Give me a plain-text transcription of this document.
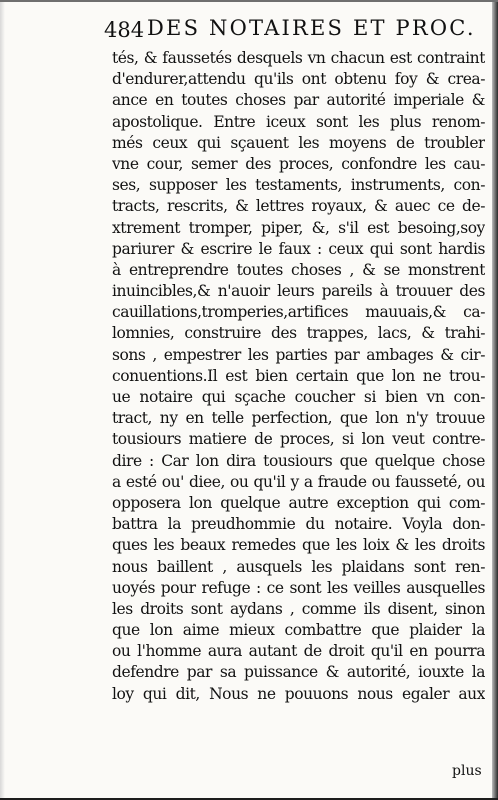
484 DES NOTAIRES ET PROC.
tés, & faussetés desquels vn chacun est contraint
d'endurer,attendu qu'ils ont obtenu foy & crea-
ance en toutes choses par autorité imperiale &
apostolique. Entre iceux sont les plus renom-
més ceux qui sçauent les moyens de troubler
vne cour, semer des proces, confondre les cau-
ses, supposer les testaments, instruments, con-
tracts, rescrits, & lettres royaux, & auec ce de-
xtrement tromper, piper, &, s'il est besoing,soy
pariurer & escrire le faux : ceux qui sont hardis
à entreprendre toutes choses , & se monstrent
inuincibles,& n'auoir leurs pareils à trouuer des
cauillations,tromperies,artifices mauuais,& ca-
lomnies, construire des trappes, lacs, & trahi-
sons , empestrer les parties par ambages & cir-
conuentions.Il est bien certain que lon ne trou-
ue notaire qui sçache coucher si bien vn con-
tract, ny en telle perfection, que lon n'y trouue
tousiours matiere de proces, si lon veut contre-
dire : Car lon dira tousiours que quelque chose
a esté ou' diee, ou qu'il y a fraude ou fausseté, ou
opposera lon quelque autre exception qui com-
battra la preudhommie du notaire. Voyla don-
ques les beaux remedes que les loix & les droits
nous baillent , ausquels les plaidans sont ren-
uoyés pour refuge : ce sont les veilles ausquelles
les droits sont aydans , comme ils disent, sinon
que lon aime mieux combattre que plaider la
ou l'homme aura autant de droit qu'il en pourra
defendre par sa puissance & autorité, iouxte la
loy qui dit, Nous ne pouuons nous egaler aux
plus
